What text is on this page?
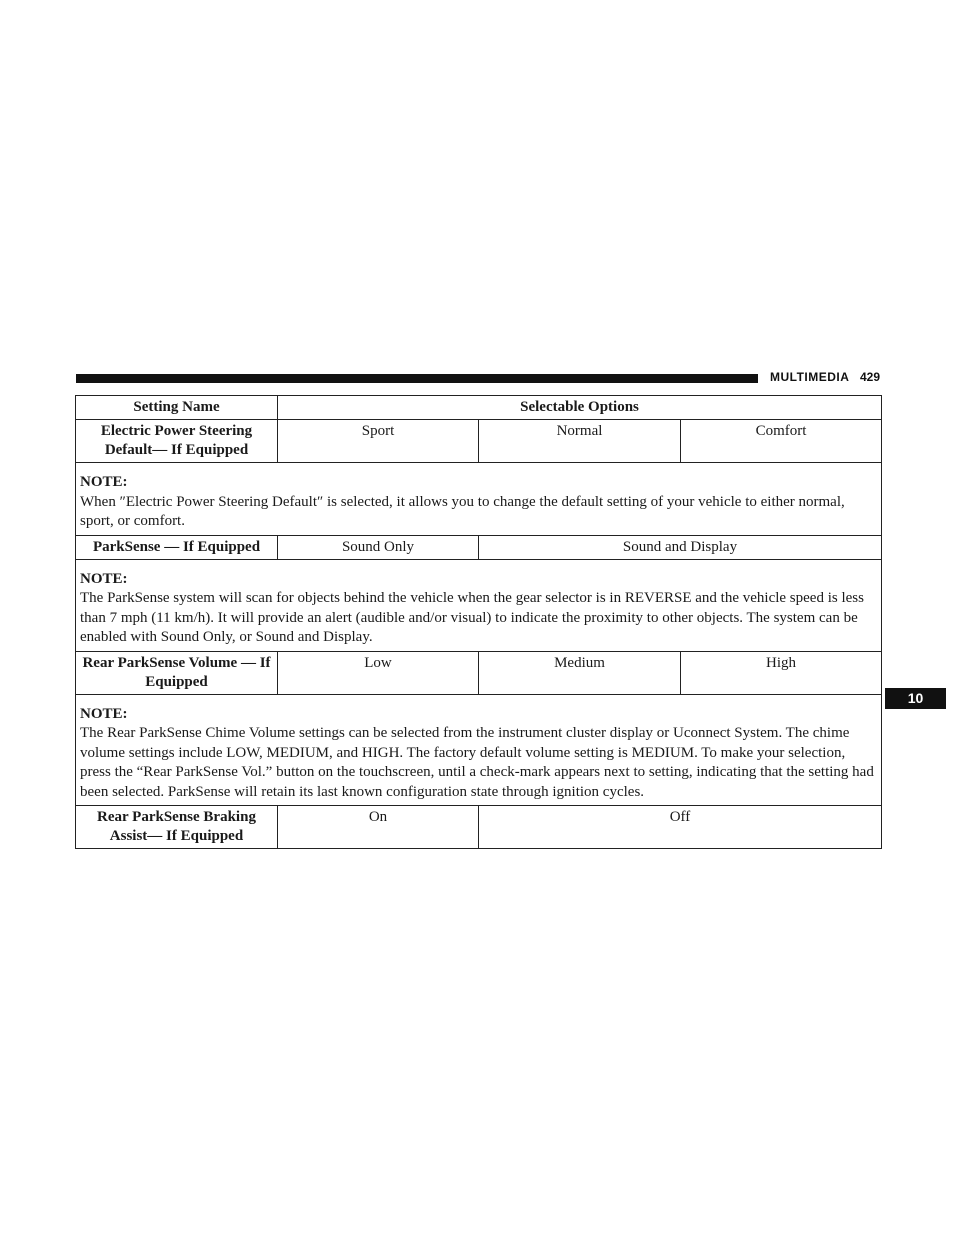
MULTIMEDIA 429
10
Setting Name	Selectable Options		
Electric Power Steering Default— If Equipped	Sport	Normal	Comfort

NOTE:
When ″Electric Power Steering Default″ is selected, it allows you to change the default setting of your vehicle to either normal, sport, or comfort.			

ParkSense — If Equipped	Sound Only	Sound and Display	

NOTE:
The ParkSense system will scan for objects behind the vehicle when the gear selector is in REVERSE and the vehicle speed is less than 7 mph (11 km/h). It will provide an alert (audible and/or visual) to indicate the proximity to other objects. The system can be enabled with Sound Only, or Sound and Display.			

Rear ParkSense Volume — If Equipped	Low	Medium	High

NOTE:
The Rear ParkSense Chime Volume settings can be selected from the instrument cluster display or Uconnect System. The chime volume settings include LOW, MEDIUM, and HIGH. The factory default volume setting is MEDIUM. To make your selection, press the “Rear ParkSense Vol.” button on the touchscreen, until a check-mark appears next to setting, indicating that the setting had been selected. ParkSense will retain its last known configuration state through ignition cycles.			

Rear ParkSense Braking Assist— If Equipped	On	Off	
